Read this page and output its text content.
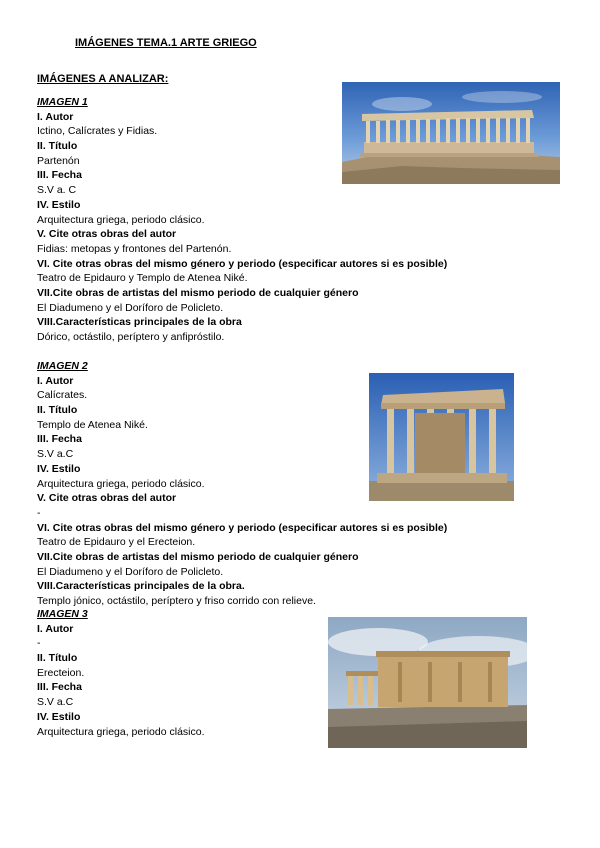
IMÁGENES TEMA.1 ARTE GRIEGO
IMÁGENES A ANALIZAR:
IMAGEN 1
I. Autor
Ictino, Calícrates y Fidias.
II. Título
Partenón
III. Fecha
S.V a. C
IV. Estilo
Arquitectura griega, periodo clásico.
V. Cite otras obras del autor
Fidias: metopas y frontones del Partenón.
VI. Cite otras obras del mismo género y periodo (especificar autores si es posible)
Teatro de Epidauro y Templo de Atenea Niké.
VII.Cite obras de artistas del mismo periodo de cualquier género
El Diadumeno y el Doríforo de Policleto.
VIII.Características principales de la obra
Dórico, octástilo, períptero y anfipróstilo.
IMAGEN 2
I. Autor
Calícrates.
II. Título
Templo de Atenea Niké.
III. Fecha
S.V a.C
IV. Estilo
Arquitectura griega, periodo clásico.
V. Cite otras obras del autor
-
VI. Cite otras obras del mismo género y periodo (especificar autores si es posible)
Teatro de Epidauro y el Erecteion.
VII.Cite obras de artistas del mismo periodo de cualquier género
El Diadumeno y el Doríforo de Policleto.
VIII.Características principales de la obra.
Templo jónico, octástilo, períptero y friso corrido con relieve.
IMAGEN 3
I. Autor
-
II. Título
Erecteion.
III. Fecha
S.V a.C
IV. Estilo
Arquitectura griega, periodo clásico.
